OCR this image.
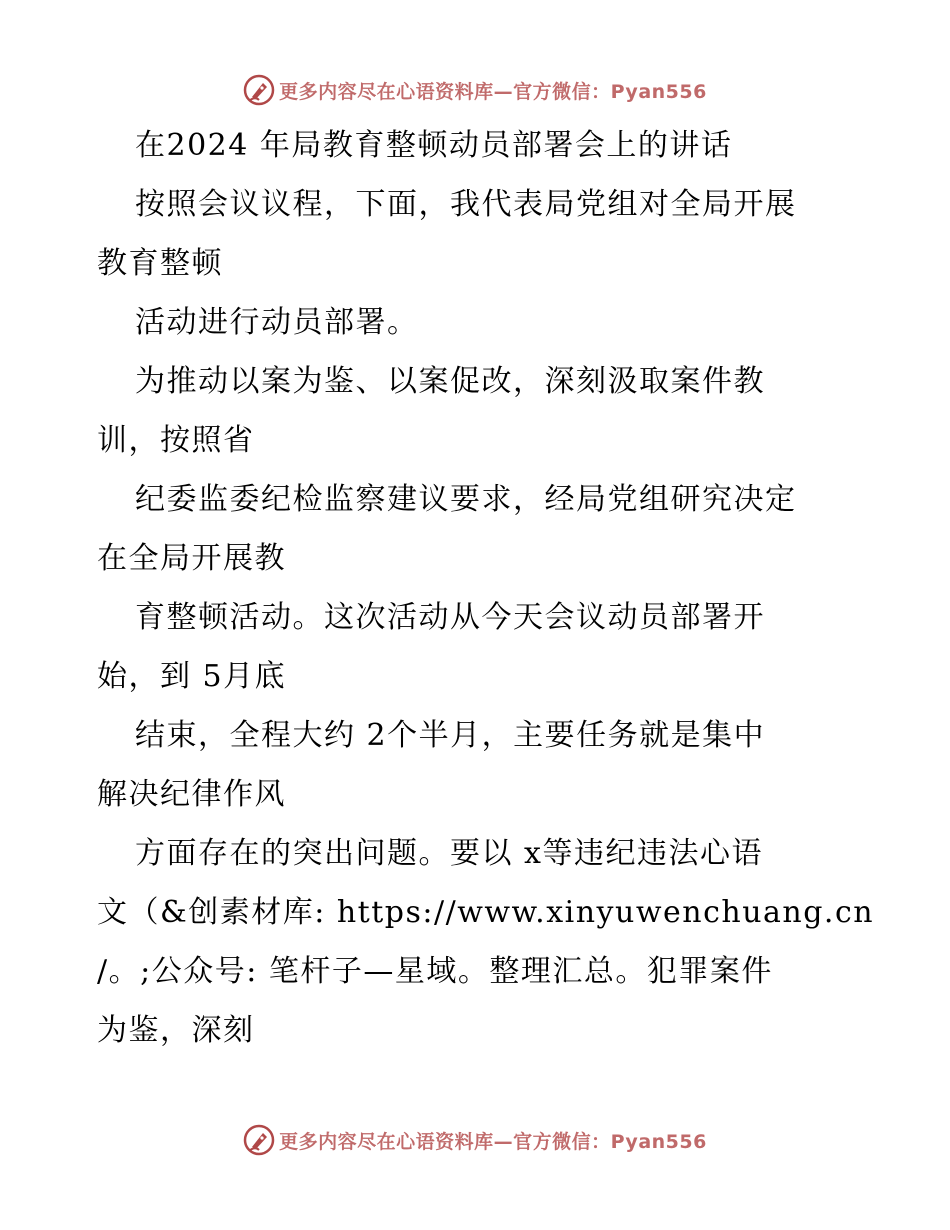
更多内容尽在心语资料库—官方微信：Pyan556
在2024 年局教育整顿动员部署会上的讲话
按照会议议程，下面，我代表局党组对全局开展
教育整顿
活动进行动员部署。
为推动以案为鉴、以案促改，深刻汲取案件教
训，按照省
纪委监委纪检监察建议要求，经局党组研究决定
在全局开展教
育整顿活动。这次活动从今天会议动员部署开
始，到 5月底
结束，全程大约 2个半月，主要任务就是集中
解决纪律作风
方面存在的突出问题。要以 x等违纪违法心语
文（&创素材库: https://www.xinyuwenchuang.cn
/。;公众号: 笔杆子—星域。整理汇总。犯罪案件
为鉴，深刻
更多内容尽在心语资料库—官方微信：Pyan556
